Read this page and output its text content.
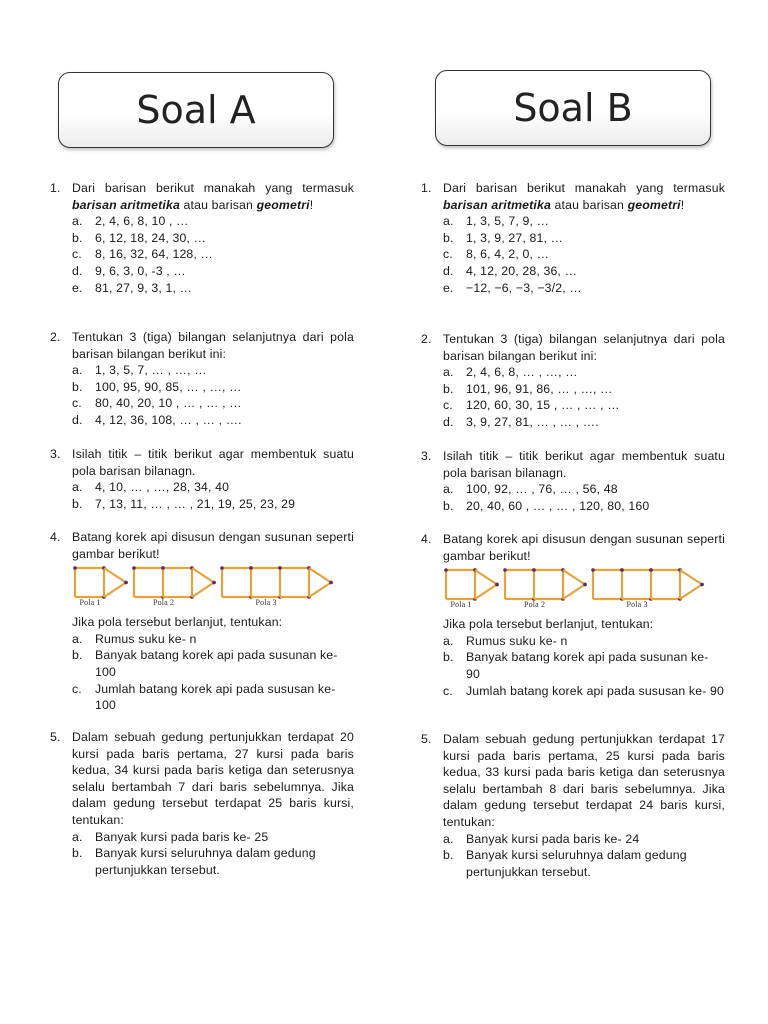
Soal A
1. Dari barisan berikut manakah yang termasuk barisan aritmetika atau barisan geometri!
a.	2, 4, 6, 8, 10 , …
b.	6, 12, 18, 24, 30, …
c.	8, 16, 32, 64, 128, …
d.	9, 6, 3, 0, -3 , …
e.	81, 27, 9, 3, 1, …
2. Tentukan 3 (tiga) bilangan selanjutnya dari pola barisan bilangan berikut ini:
a.	1, 3, 5, 7, … , …, …
b.	100, 95, 90, 85, … , …, …
c.	80, 40, 20, 10 , … , … , …
d.	4, 12, 36, 108, … , … , ….
3. Isilah titik – titik berikut agar membentuk suatu pola barisan bilanagn.
a.	4, 10, … , …, 28, 34, 40
b.	7, 13, 11, … , … , 21, 19, 25, 23, 29
4. Batang korek api disusun dengan susunan seperti gambar berikut!
Pola 1	Pola 2	Pola 3
Jika pola tersebut berlanjut, tentukan:
a.	Rumus suku ke- n
b.	Banyak batang korek api pada susunan ke- 100
c.	Jumlah batang korek api pada sususan ke- 100
5. Dalam sebuah gedung pertunjukkan terdapat 20 kursi pada baris pertama, 27 kursi pada baris kedua, 34 kursi pada baris ketiga dan seterusnya selalu bertambah 7 dari baris sebelumnya. Jika dalam gedung tersebut terdapat 25 baris kursi, tentukan:
a.	Banyak kursi pada baris ke- 25
b.	Banyak kursi seluruhnya dalam gedung pertunjukkan tersebut.
Soal B
1. Dari barisan berikut manakah yang termasuk barisan aritmetika atau barisan geometri!
a.	1, 3, 5, 7, 9, …
b.	1, 3, 9, 27, 81, …
c.	8, 6, 4, 2, 0, …
d.	4, 12, 20, 28, 36, …
e.	−12, −6, −3, −3/2, …
2. Tentukan 3 (tiga) bilangan selanjutnya dari pola barisan bilangan berikut ini:
a.	2, 4, 6, 8, … , …, …
b.	101, 96, 91, 86, … , …, …
c.	120, 60, 30, 15 , … , … , …
d.	3, 9, 27, 81, … , … , ….
3. Isilah titik – titik berikut agar membentuk suatu pola barisan bilanagn.
a.	100, 92, … , 76, … , 56, 48
b.	20, 40, 60 , … , … , 120, 80, 160
4. Batang korek api disusun dengan susunan seperti gambar berikut!
Pola 1	Pola 2	Pola 3
Jika pola tersebut berlanjut, tentukan:
a.	Rumus suku ke- n
b.	Banyak batang korek api pada susunan ke- 90
c.	Jumlah batang korek api pada sususan ke- 90
5. Dalam sebuah gedung pertunjukkan terdapat 17 kursi pada baris pertama, 25 kursi pada baris kedua, 33 kursi pada baris ketiga dan seterusnya selalu bertambah 8 dari baris sebelumnya. Jika dalam gedung tersebut terdapat 24 baris kursi, tentukan:
a.	Banyak kursi pada baris ke- 24
b.	Banyak kursi seluruhnya dalam gedung pertunjukkan tersebut.
